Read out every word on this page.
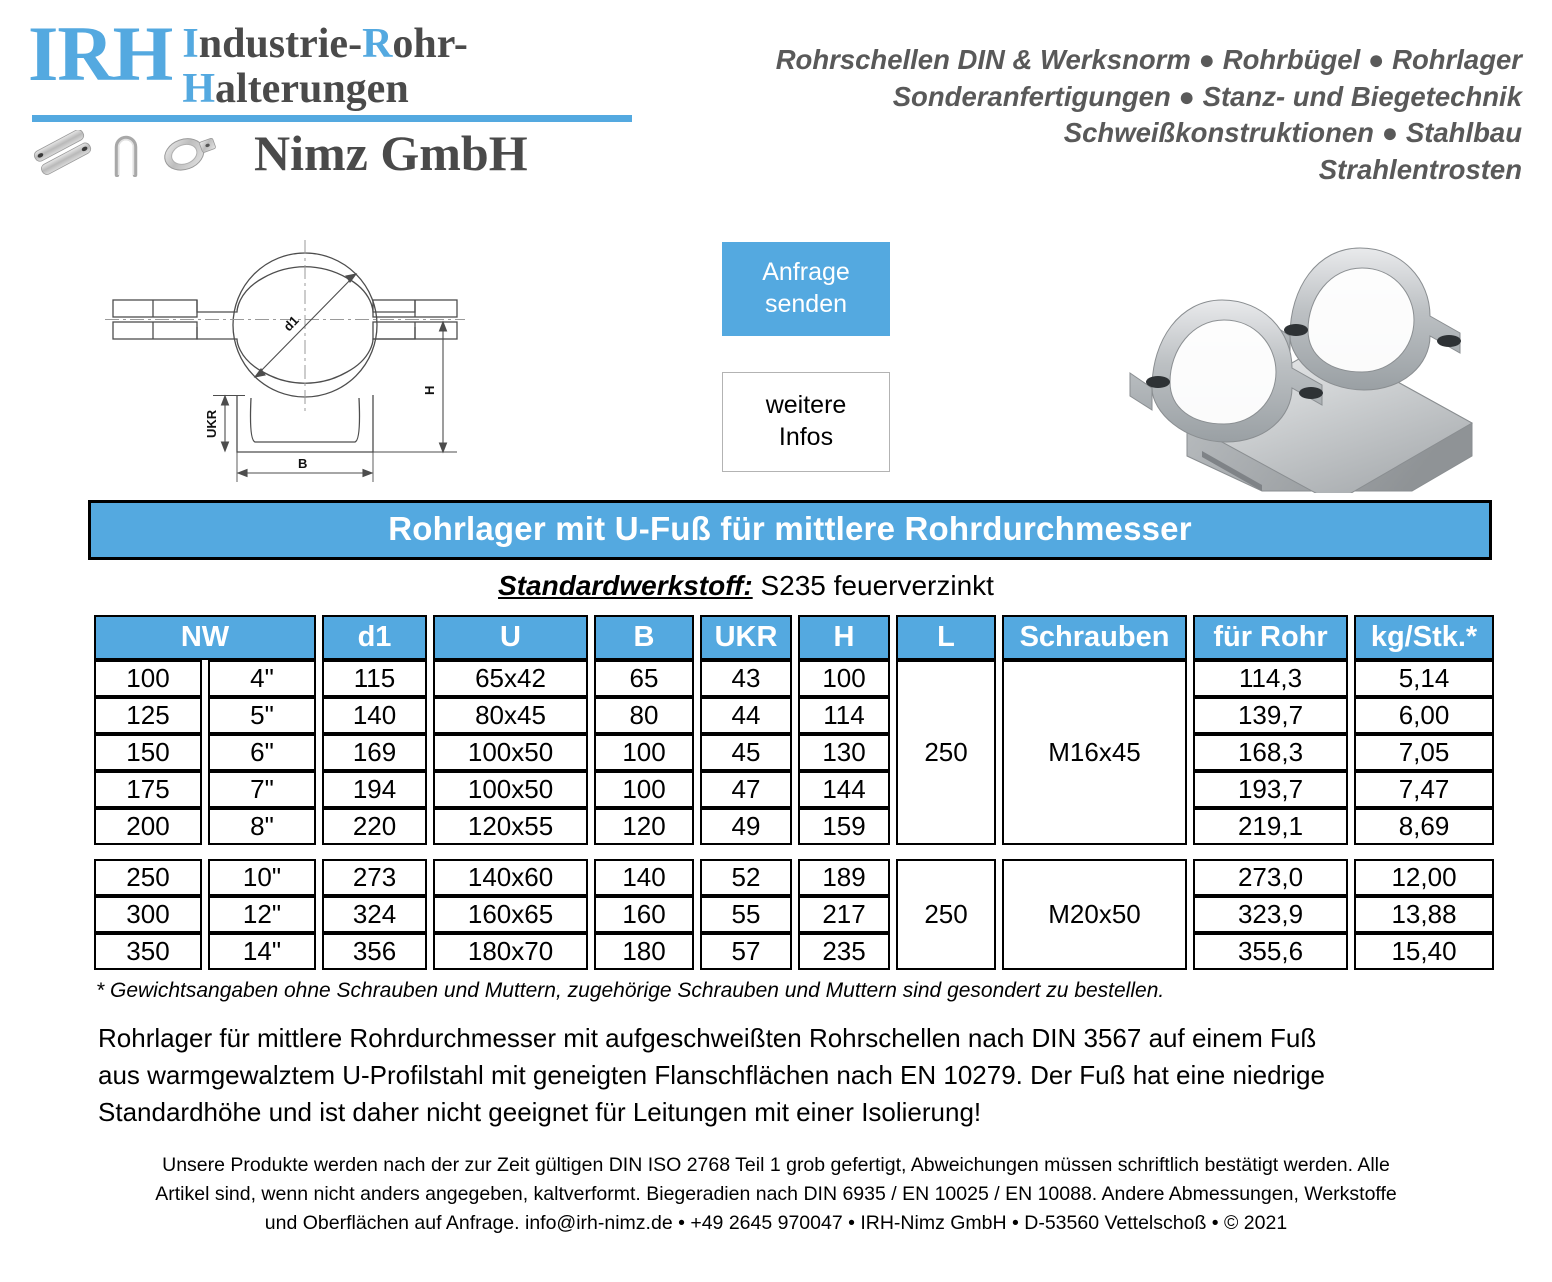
IRH Industrie-Rohr-
Halterungen
Nimz GmbH
Rohrschellen DIN & Werksnorm ● Rohrbügel ● Rohrlager
Sonderanfertigungen ● Stanz- und Biegetechnik
Schweißkonstruktionen ● Stahlbau
Strahlentrosten
d1
H
UKR
B
Anfrage
senden
weitere
Infos
Rohrlager mit U-Fuß für mittlere Rohrdurchmesser
Standardwerkstoff: S235 feuerverzinkt
NW		d1	U	B	UKR	H	L	Schrauben	für Rohr	kg/Stk.*
100	4"	115	65x42	65	43	100	250	M16x45	114,3	5,14
125	5"	140	80x45	80	44	114			139,7	6,00
150	6"	169	100x50	100	45	130			168,3	7,05
175	7"	194	100x50	100	47	144			193,7	7,47
200	8"	220	120x55	120	49	159			219,1	8,69

250	10"	273	140x60	140	52	189	250	M20x50	273,0	12,00
300	12"	324	160x65	160	55	217			323,9	13,88
350	14"	356	180x70	180	57	235			355,6	15,40
* Gewichtsangaben ohne Schrauben und Muttern, zugehörige Schrauben und Muttern sind gesondert zu bestellen.
Rohrlager für mittlere Rohrdurchmesser mit aufgeschweißten Rohrschellen nach DIN 3567 auf einem Fuß
aus warmgewalztem U-Profilstahl mit geneigten Flanschflächen nach EN 10279. Der Fuß hat eine niedrige
Standardhöhe und ist daher nicht geeignet für Leitungen mit einer Isolierung!
Unsere Produkte werden nach der zur Zeit gültigen DIN ISO 2768 Teil 1 grob gefertigt, Abweichungen müssen schriftlich bestätigt werden. Alle
Artikel sind, wenn nicht anders angegeben, kaltverformt. Biegeradien nach DIN 6935 / EN 10025 / EN 10088. Andere Abmessungen, Werkstoffe
und Oberflächen auf Anfrage. info@irh-nimz.de • +49 2645 970047 • IRH-Nimz GmbH • D-53560 Vettelschoß • © 2021
